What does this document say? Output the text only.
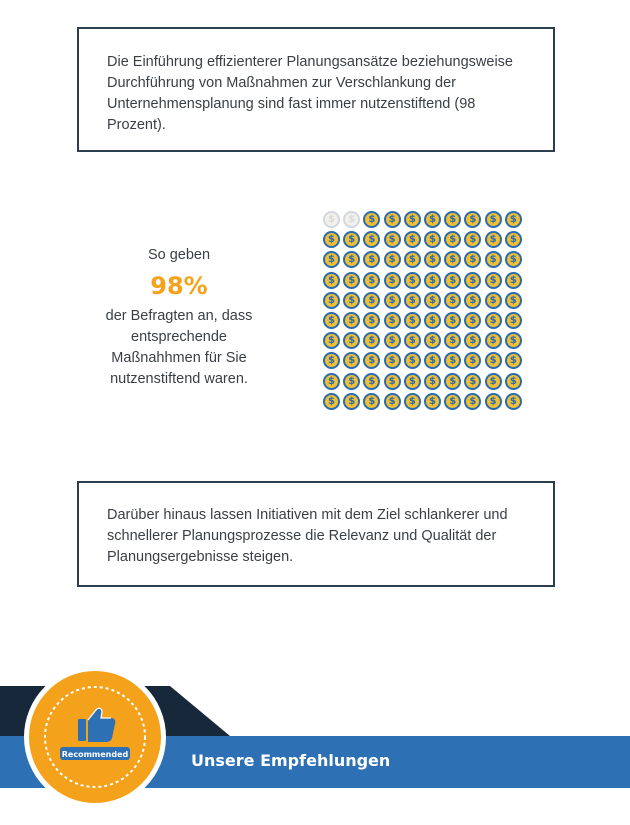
Die Einführung effizienterer Planungsansätze beziehungsweise Durchführung von Maßnahmen zur Verschlankung der Unternehmensplanung sind fast immer nutzenstiftend (98 Prozent).
So geben
98%
der Befragten an, dass entsprechende Maßnahhmen für Sie nutzenstiftend waren.
$	$	$	$	$	$	$	$	$	$
$	$	$	$	$	$	$	$	$	$
$	$	$	$	$	$	$	$	$	$
$	$	$	$	$	$	$	$	$	$
$	$	$	$	$	$	$	$	$	$
$	$	$	$	$	$	$	$	$	$
$	$	$	$	$	$	$	$	$	$
$	$	$	$	$	$	$	$	$	$
$	$	$	$	$	$	$	$	$	$
$	$	$	$	$	$	$	$	$	$
Darüber hinaus lassen Initiativen mit dem Ziel schlankerer und schnellerer Planungsprozesse die Relevanz und Qualität der Planungsergebnisse steigen.
Unsere Empfehlungen
Recommended
